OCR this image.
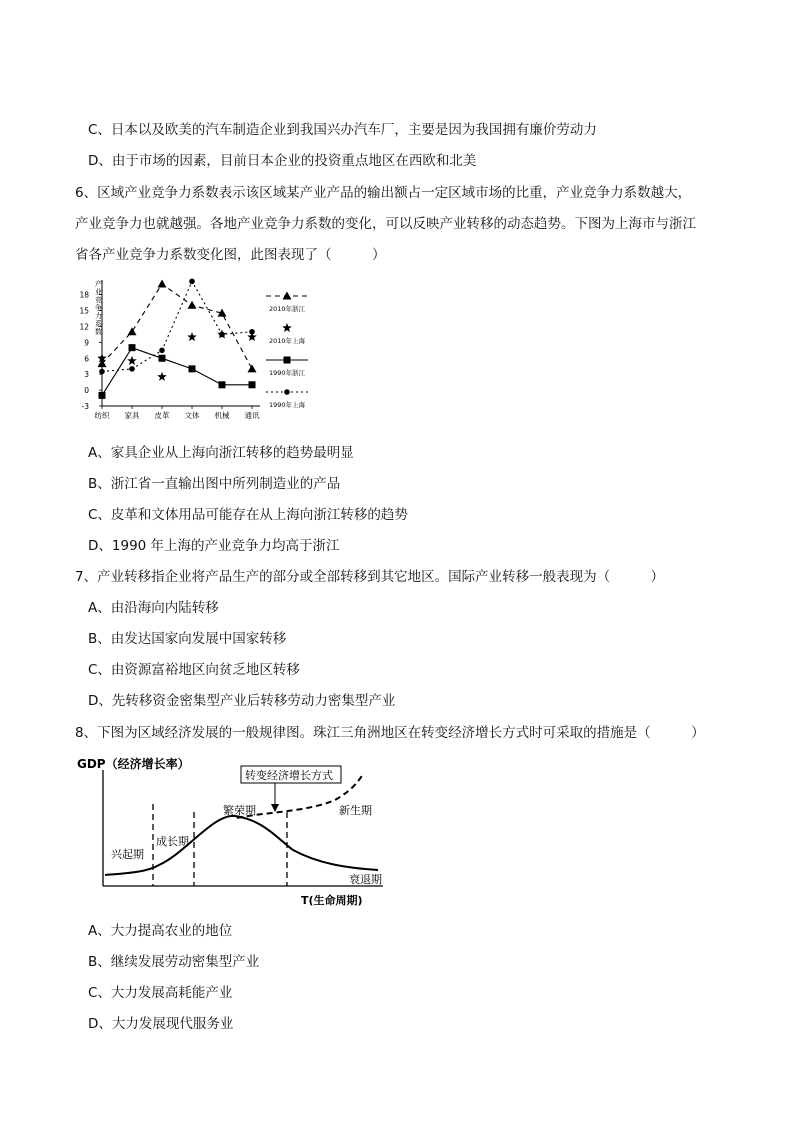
C、日本以及欧美的汽车制造企业到我国兴办汽车厂，主要是因为我国拥有廉价劳动力
D、由于市场的因素，目前日本企业的投资重点地区在西欧和北美
6、区域产业竞争力系数表示该区域某产业产品的输出额占一定区域市场的比重，产业竞争力系数越大，
产业竞争力也就越强。各地产业竞争力系数的变化，可以反映产业转移的动态趋势。下图为上海市与浙江
省各产业竞争力系数变化图，此图表现了（　　　）
产业竞争力系数
18
15
12
9
6
3
0
-3
纺织 家具 皮革 文体 机械 通讯
2010年浙江
2010年上海
1990年浙江
1990年上海
A、家具企业从上海向浙江转移的趋势最明显
B、浙江省一直输出图中所列制造业的产品
C、皮革和文体用品可能存在从上海向浙江转移的趋势
D、1990 年上海的产业竞争力均高于浙江
7、产业转移指企业将产品生产的部分或全部转移到其它地区。国际产业转移一般表现为（　　　）
A、由沿海向内陆转移
B、由发达国家向发展中国家转移
C、由资源富裕地区向贫乏地区转移
D、先转移资金密集型产业后转移劳动力密集型产业
8、下图为区域经济发展的一般规律图。珠江三角洲地区在转变经济增长方式时可采取的措施是（　　　）
GDP（经济增长率）
T(生命周期)
转变经济增长方式
兴起期
成长期
繁荣期	新生期
衰退期
A、大力提高农业的地位
B、继续发展劳动密集型产业
C、大力发展高耗能产业
D、大力发展现代服务业
